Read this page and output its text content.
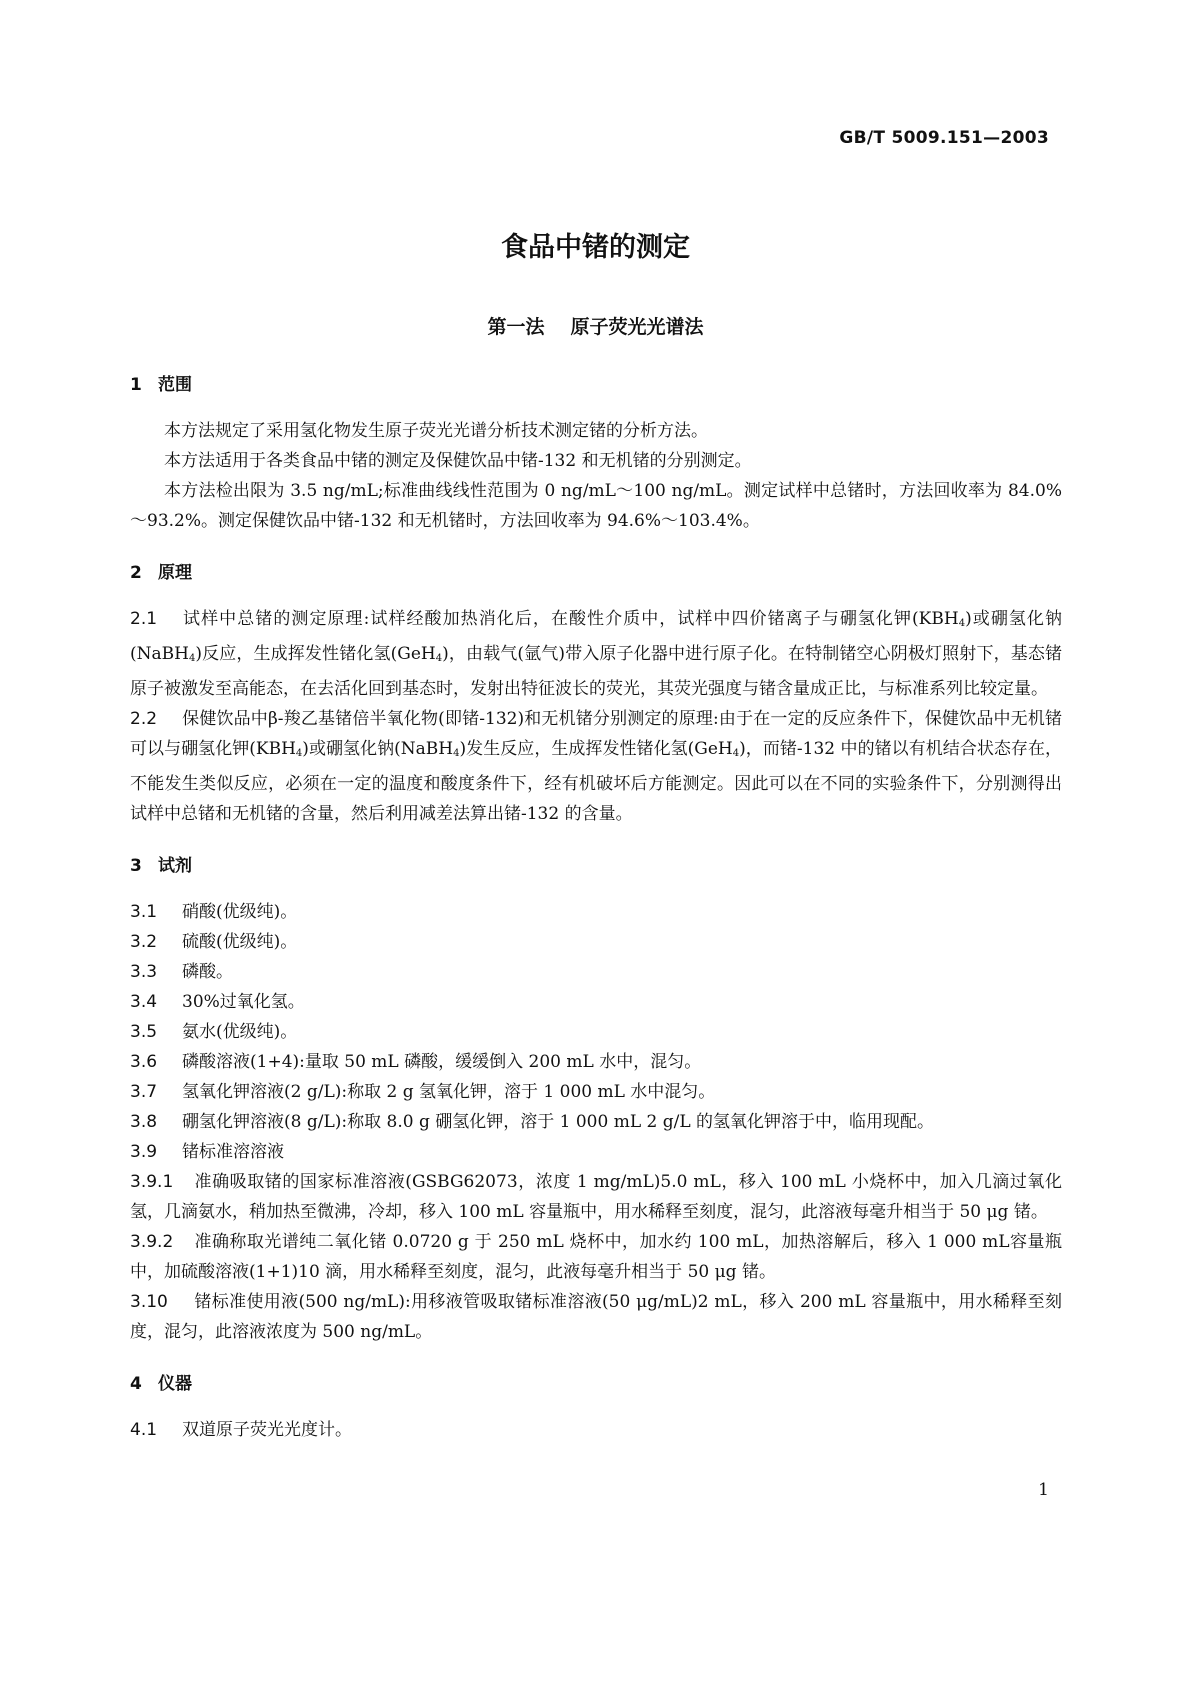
GB/T 5009.151—2003
食品中锗的测定
第一法 原子荧光光谱法
1 范围

本方法规定了采用氢化物发生原子荧光光谱分析技术测定锗的分析方法。

本方法适用于各类食品中锗的测定及保健饮品中锗-132 和无机锗的分别测定。

本方法检出限为 3.5 ng/mL;标准曲线线性范围为 0 ng/mL～100 ng/mL。测定试样中总锗时，方法回收率为 84.0%～93.2%。测定保健饮品中锗-132 和无机锗时，方法回收率为 94.6%～103.4%。

2 原理

2.1 试样中总锗的测定原理:试样经酸加热消化后，在酸性介质中，试样中四价锗离子与硼氢化钾$(KBH_4)$或硼氢化钠(NaBH$_4$)反应，生成挥发性锗化氢(GeH$_4$)，由载气(氩气)带入原子化器中进行原子化。在特制锗空心阴极灯照射下，基态锗原子被激发至高能态，在去活化回到基态时，发射出特征波长的荧光，其荧光强度与锗含量成正比，与标准系列比较定量。

2.2 保健饮品中β-羧乙基锗倍半氧化物(即锗-132)和无机锗分别测定的原理:由于在一定的反应条件下，保健饮品中无机锗可以与硼氢化钾$(KBH_4)$或硼氢化钠(NaBH$_4$)发生反应，生成挥发性锗化氢(GeH$_4$)，而锗-132 中的锗以有机结合状态存在，不能发生类似反应，必须在一定的温度和酸度条件下，经有机破坏后方能测定。因此可以在不同的实验条件下，分别测得出试样中总锗和无机锗的含量，然后利用减差法算出锗-132 的含量。

3 试剂

3.1 硝酸(优级纯)。

3.2 硫酸(优级纯)。

3.3 磷酸。

3.4 30%过氧化氢。

3.5 氨水(优级纯)。

3.6 磷酸溶液(1+4):量取 50 mL 磷酸，缓缓倒入 200 mL 水中，混匀。

3.7 氢氧化钾溶液(2 g/L):称取 2 g 氢氧化钾，溶于 1 000 mL 水中混匀。

3.8 硼氢化钾溶液(8 g/L):称取 8.0 g 硼氢化钾，溶于 1 000 mL 2 g/L 的氢氧化钾溶于中，临用现配。

3.9 锗标准溶溶液

3.9.1 准确吸取锗的国家标准溶液(GSBG62073，浓度 1 mg/mL)5.0 mL，移入 100 mL 小烧杯中，加入几滴过氧化氢，几滴氨水，稍加热至微沸，冷却，移入 100 mL 容量瓶中，用水稀释至刻度，混匀，此溶液每毫升相当于 50 μg 锗。

3.9.2 准确称取光谱纯二氧化锗 0.0720 g 于 250 mL 烧杯中，加水约 100 mL，加热溶解后，移入 1 000 mL容量瓶中，加硫酸溶液(1+1)10 滴，用水稀释至刻度，混匀，此液每毫升相当于 50 μg 锗。

3.10 锗标准使用液(500 ng/mL):用移液管吸取锗标准溶液(50 μg/mL)2 mL，移入 200 mL 容量瓶中，用水稀释至刻度，混匀，此溶液浓度为 500 ng/mL。

4 仪器

4.1 双道原子荧光光度计。

1
